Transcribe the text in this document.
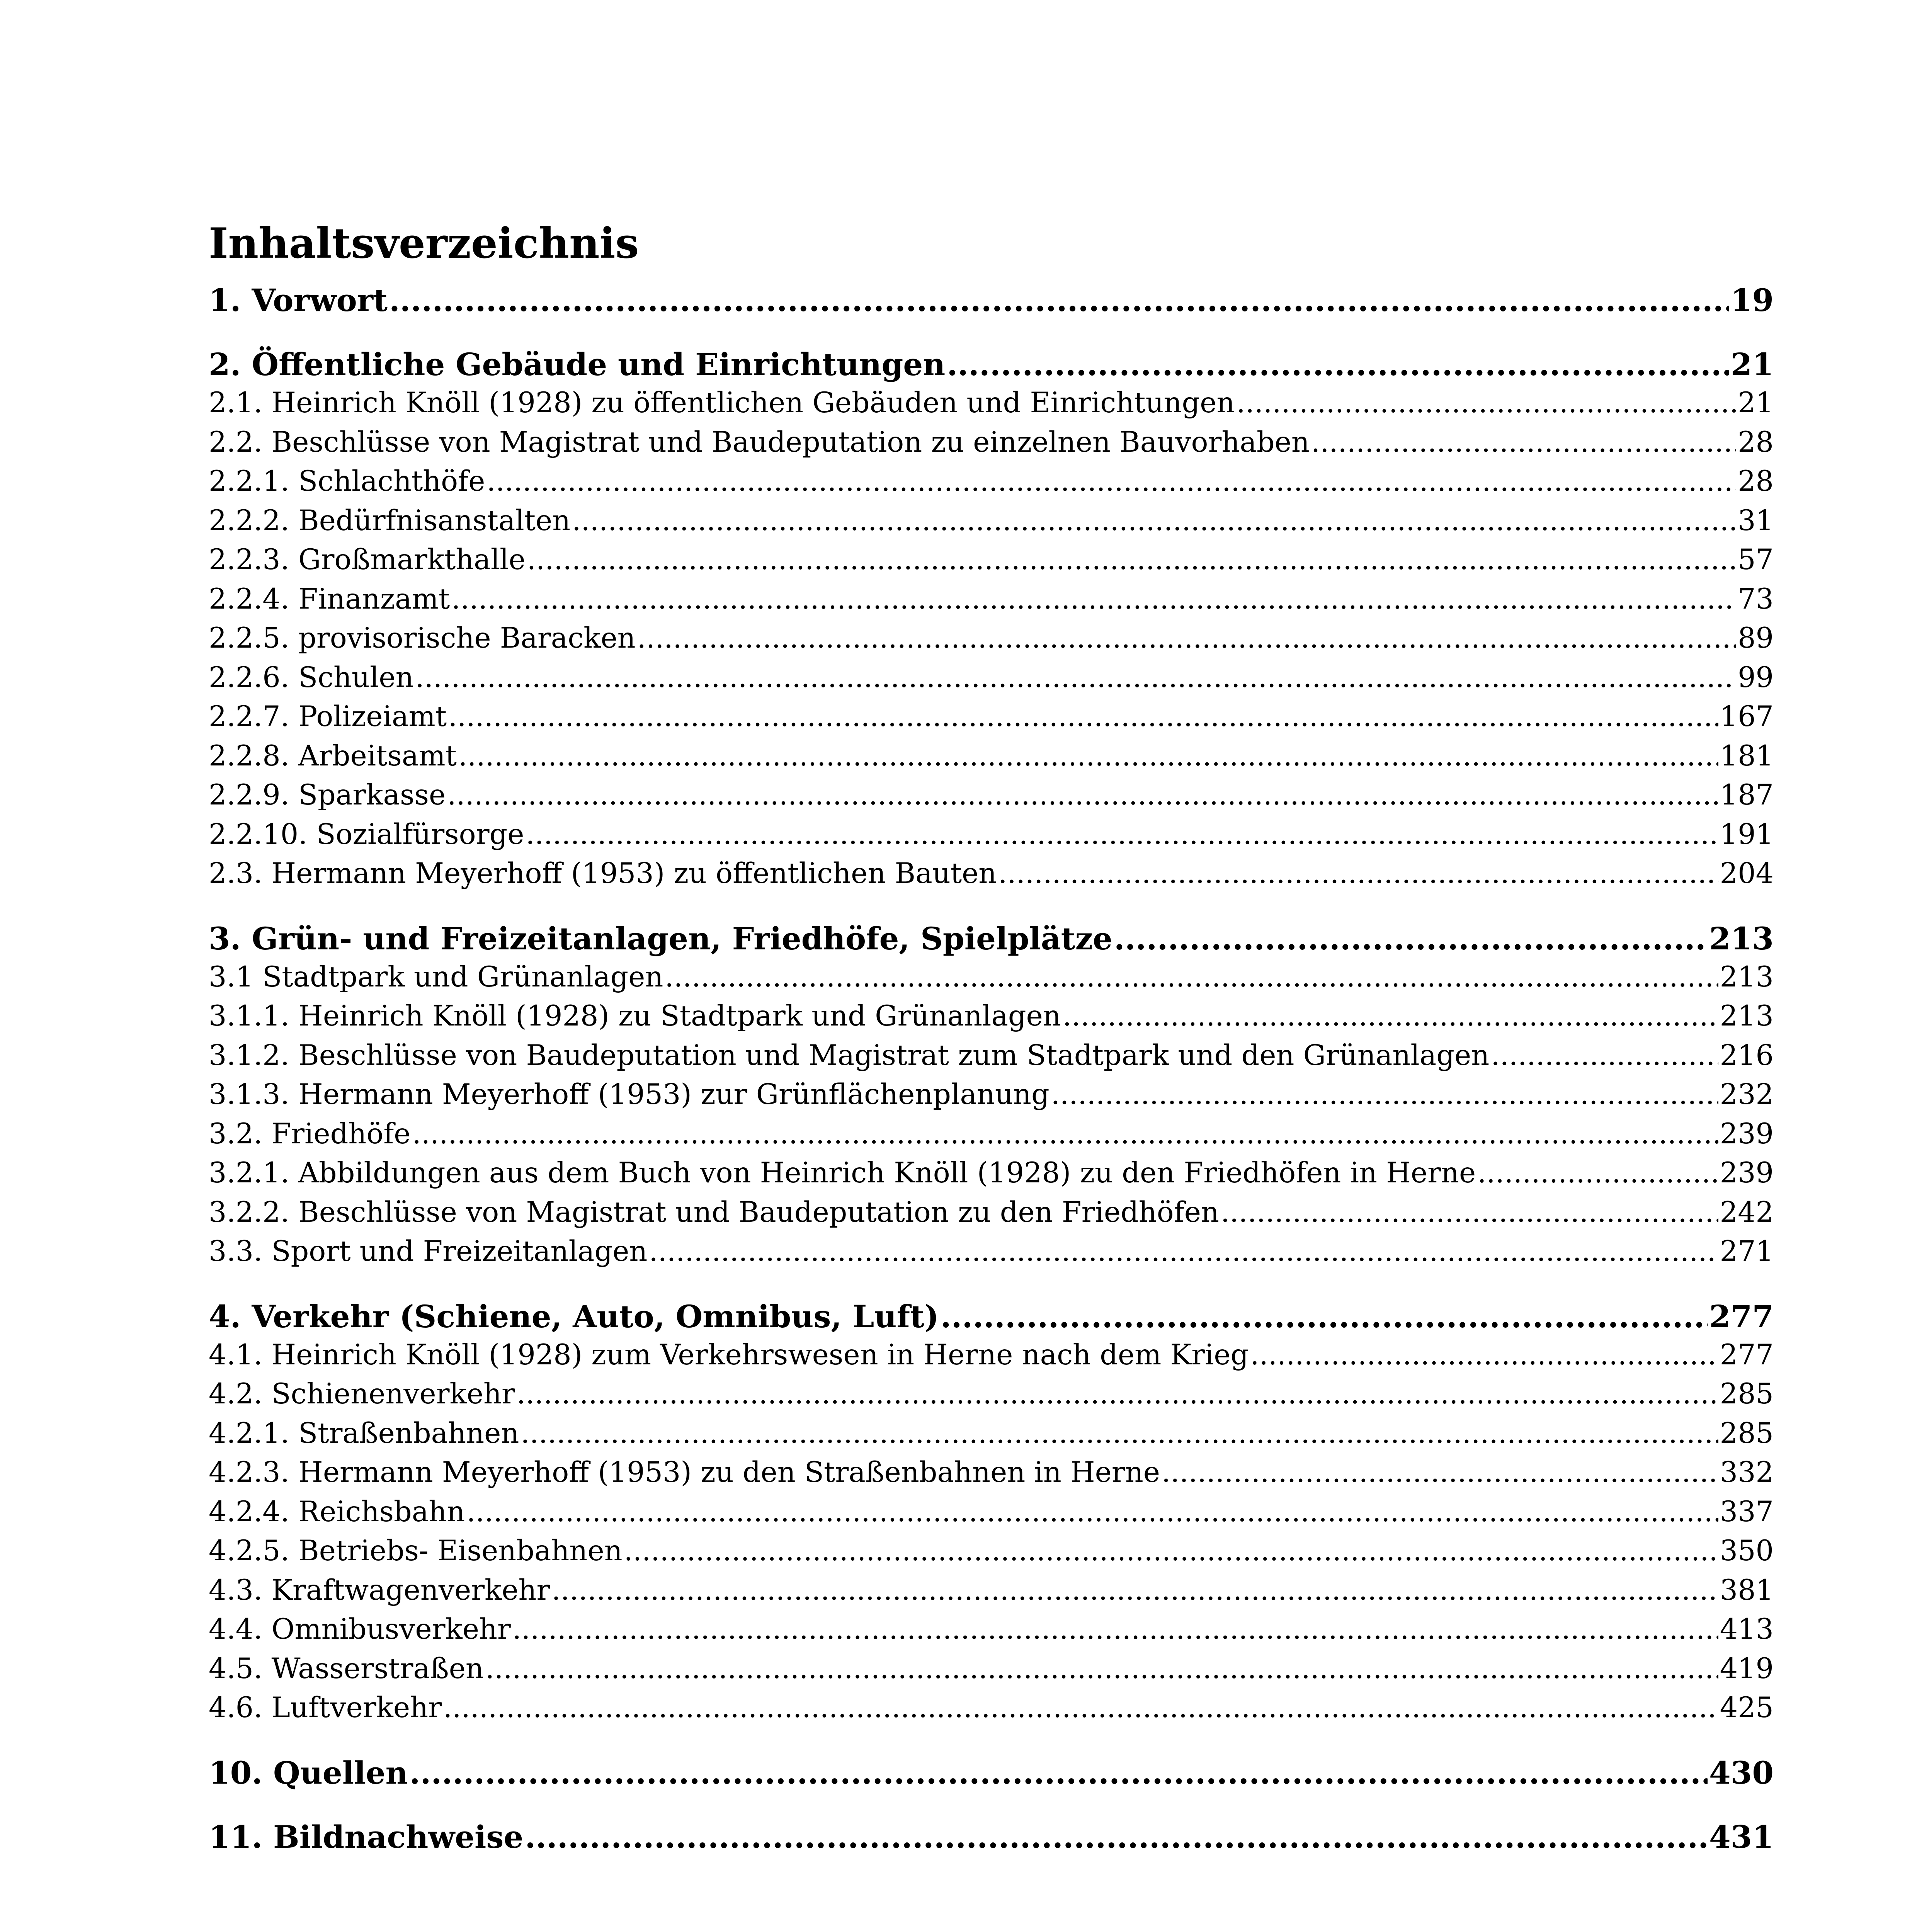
Inhaltsverzeichnis
1. Vorwort .....	19
2. Öffentliche Gebäude und Einrichtungen .....	21
2.1. Heinrich Knöll (1928) zu öffentlichen Gebäuden und Einrichtungen .....	21
2.2. Beschlüsse von Magistrat und Baudeputation zu einzelnen Bauvorhaben .....	28
2.2.1. Schlachthöfe .....	28
2.2.2. Bedürfnisanstalten .....	31
2.2.3. Großmarkthalle .....	57
2.2.4. Finanzamt .....	73
2.2.5. provisorische Baracken .....	89
2.2.6. Schulen .....	99
2.2.7. Polizeiamt .....	167
2.2.8. Arbeitsamt .....	181
2.2.9. Sparkasse .....	187
2.2.10. Sozialfürsorge .....	191
2.3. Hermann Meyerhoff (1953) zu öffentlichen Bauten .....	204
3. Grün- und Freizeitanlagen, Friedhöfe, Spielplätze .....	213
3.1 Stadtpark und Grünanlagen .....	213
3.1.1. Heinrich Knöll (1928) zu Stadtpark und Grünanlagen .....	213
3.1.2. Beschlüsse von Baudeputation und Magistrat zum Stadtpark und den Grünanlagen .....	216
3.1.3. Hermann Meyerhoff (1953) zur Grünflächenplanung .....	232
3.2. Friedhöfe .....	239
3.2.1. Abbildungen aus dem Buch von Heinrich Knöll (1928) zu den Friedhöfen in Herne .....	239
3.2.2. Beschlüsse von Magistrat und Baudeputation zu den Friedhöfen .....	242
3.3. Sport und Freizeitanlagen .....	271
4. Verkehr (Schiene, Auto, Omnibus, Luft) .....	277
4.1. Heinrich Knöll (1928) zum Verkehrswesen in Herne nach dem Krieg .....	277
4.2. Schienenverkehr .....	285
4.2.1. Straßenbahnen .....	285
4.2.3. Hermann Meyerhoff (1953) zu den Straßenbahnen in Herne .....	332
4.2.4. Reichsbahn .....	337
4.2.5. Betriebs- Eisenbahnen .....	350
4.3. Kraftwagenverkehr .....	381
4.4. Omnibusverkehr .....	413
4.5. Wasserstraßen .....	419
4.6. Luftverkehr .....	425
10. Quellen .....	430
11. Bildnachweise .....	431
